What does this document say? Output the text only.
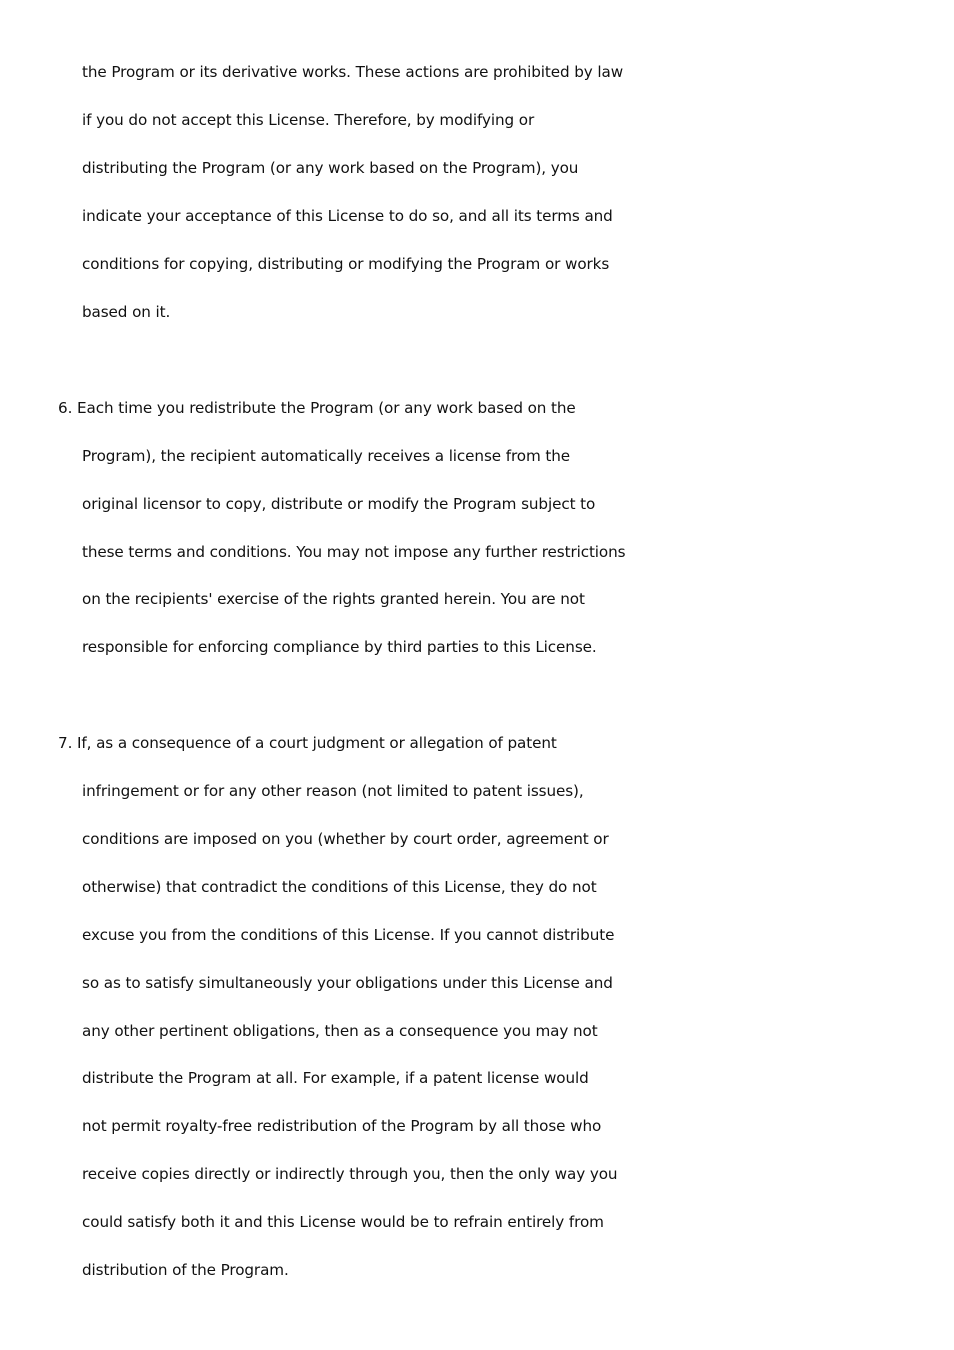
the Program or its derivative works. These actions are prohibited by law
if you do not accept this License. Therefore, by modifying or
distributing the Program (or any work based on the Program), you
indicate your acceptance of this License to do so, and all its terms and
conditions for copying, distributing or modifying the Program or works
based on it.
6. Each time you redistribute the Program (or any work based on the
Program), the recipient automatically receives a license from the
original licensor to copy, distribute or modify the Program subject to
these terms and conditions. You may not impose any further restrictions
on the recipients' exercise of the rights granted herein. You are not
responsible for enforcing compliance by third parties to this License.
7. If, as a consequence of a court judgment or allegation of patent
infringement or for any other reason (not limited to patent issues),
conditions are imposed on you (whether by court order, agreement or
otherwise) that contradict the conditions of this License, they do not
excuse you from the conditions of this License. If you cannot distribute
so as to satisfy simultaneously your obligations under this License and
any other pertinent obligations, then as a consequence you may not
distribute the Program at all. For example, if a patent license would
not permit royalty-free redistribution of the Program by all those who
receive copies directly or indirectly through you, then the only way you
could satisfy both it and this License would be to refrain entirely from
distribution of the Program.
